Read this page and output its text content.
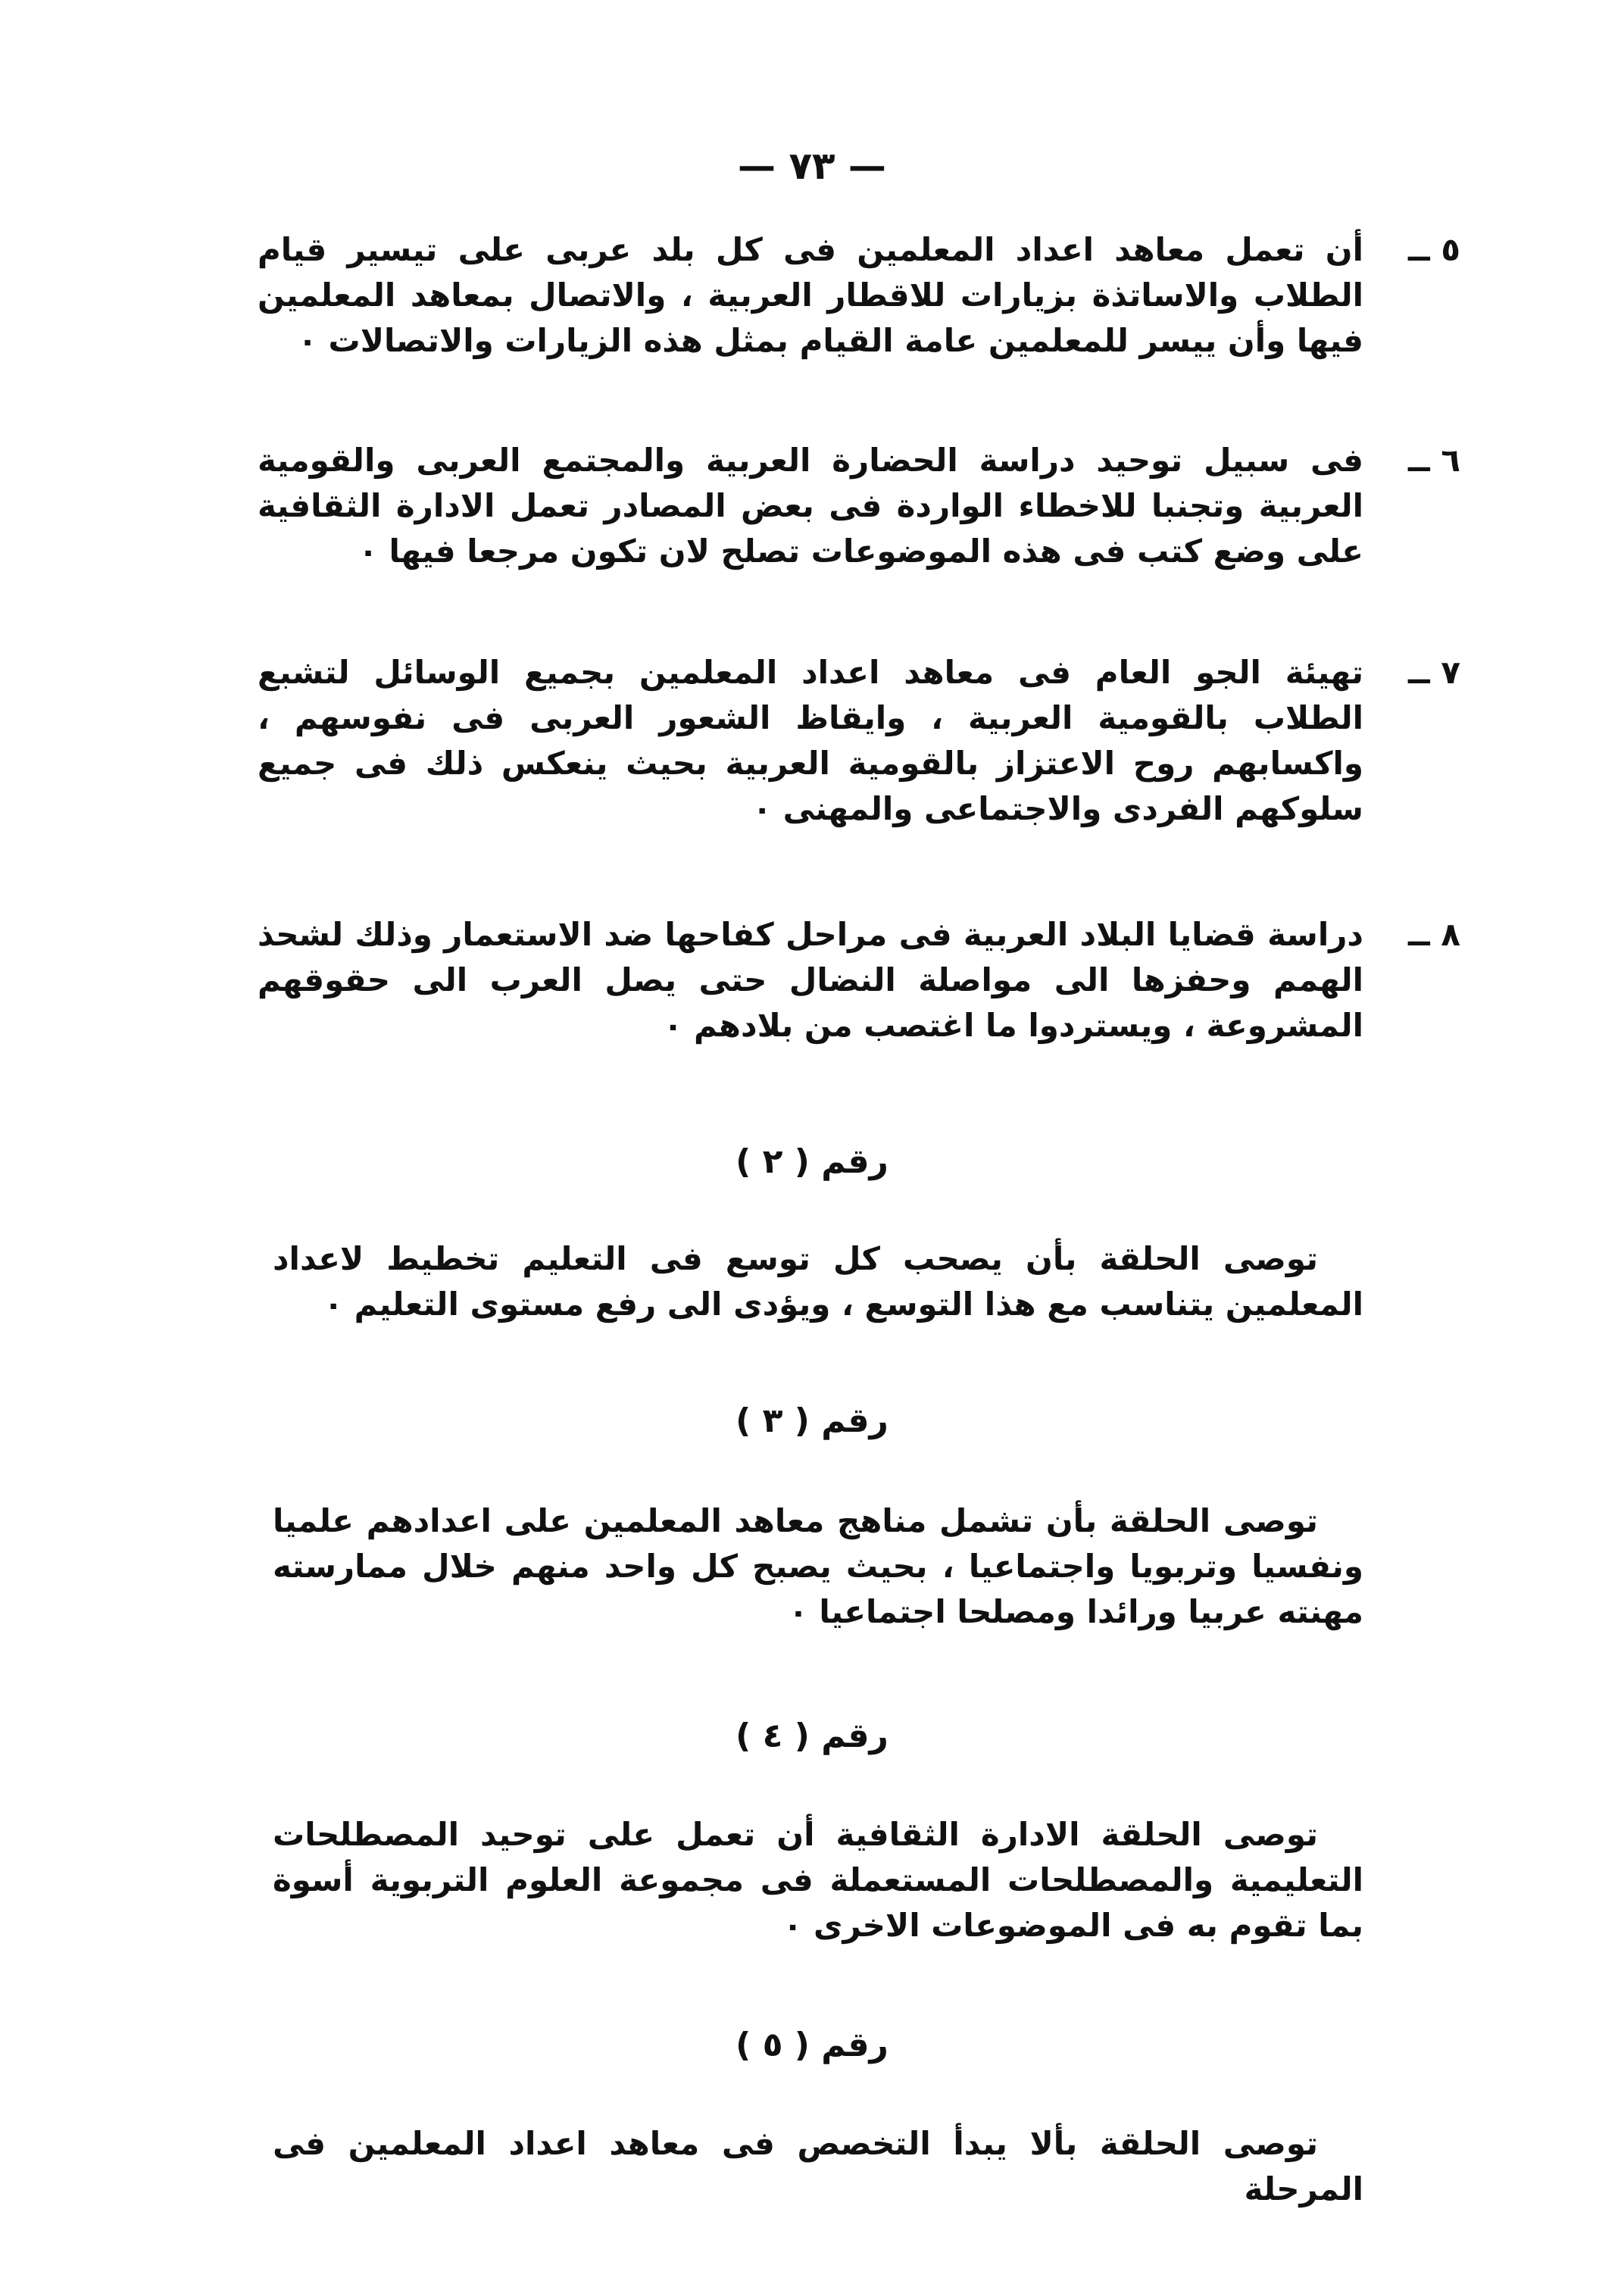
— ٧٣ —
٥ ــ
أن تعمل معاهد اعداد المعلمين فى كل بلد عربى على تيسير قيام الطلاب والاساتذة بزيارات للاقطار العربية ، والاتصال بمعاهد المعلمين فيها وأن ييسر للمعلمين عامة القيام بمثل هذه الزيارات والاتصالات ٠
٦ ــ
فى سبيل توحيد دراسة الحضارة العربية والمجتمع العربى والقومية العربية وتجنبا للاخطاء الواردة فى بعض المصادر تعمل الادارة الثقافية على وضع كتب فى هذه الموضوعات تصلح لان تكون مرجعا فيها ٠
٧ ــ
تهيئة الجو العام فى معاهد اعداد المعلمين بجميع الوسائل لتشبع الطلاب بالقومية العربية ، وايقاظ الشعور العربى فى نفوسهم ، واكسابهم روح الاعتزاز بالقومية العربية بحيث ينعكس ذلك فى جميع سلوكهم الفردى والاجتماعى والمهنى ٠
٨ ــ
دراسة قضايا البلاد العربية فى مراحل كفاحها ضد الاستعمار وذلك لشحذ الهمم وحفزها الى مواصلة النضال حتى يصل العرب الى حقوقهم المشروعة ، ويستردوا ما اغتصب من بلادهم ٠
رقم ( ٢ )
توصى الحلقة بأن يصحب كل توسع فى التعليم تخطيط لاعداد المعلمين يتناسب مع هذا التوسع ، ويؤدى الى رفع مستوى التعليم ٠
رقم ( ٣ )
توصى الحلقة بأن تشمل مناهج معاهد المعلمين على اعدادهم علميا ونفسيا وتربويا واجتماعيا ، بحيث يصبح كل واحد منهم خلال ممارسته مهنته عربيا ورائدا ومصلحا اجتماعيا ٠
رقم ( ٤ )
توصى الحلقة الادارة الثقافية أن تعمل على توحيد المصطلحات التعليمية والمصطلحات المستعملة فى مجموعة العلوم التربوية أسوة بما تقوم به فى الموضوعات الاخرى ٠
رقم ( ٥ )
توصى الحلقة بألا يبدأ التخصص فى معاهد اعداد المعلمين فى المرحلة
